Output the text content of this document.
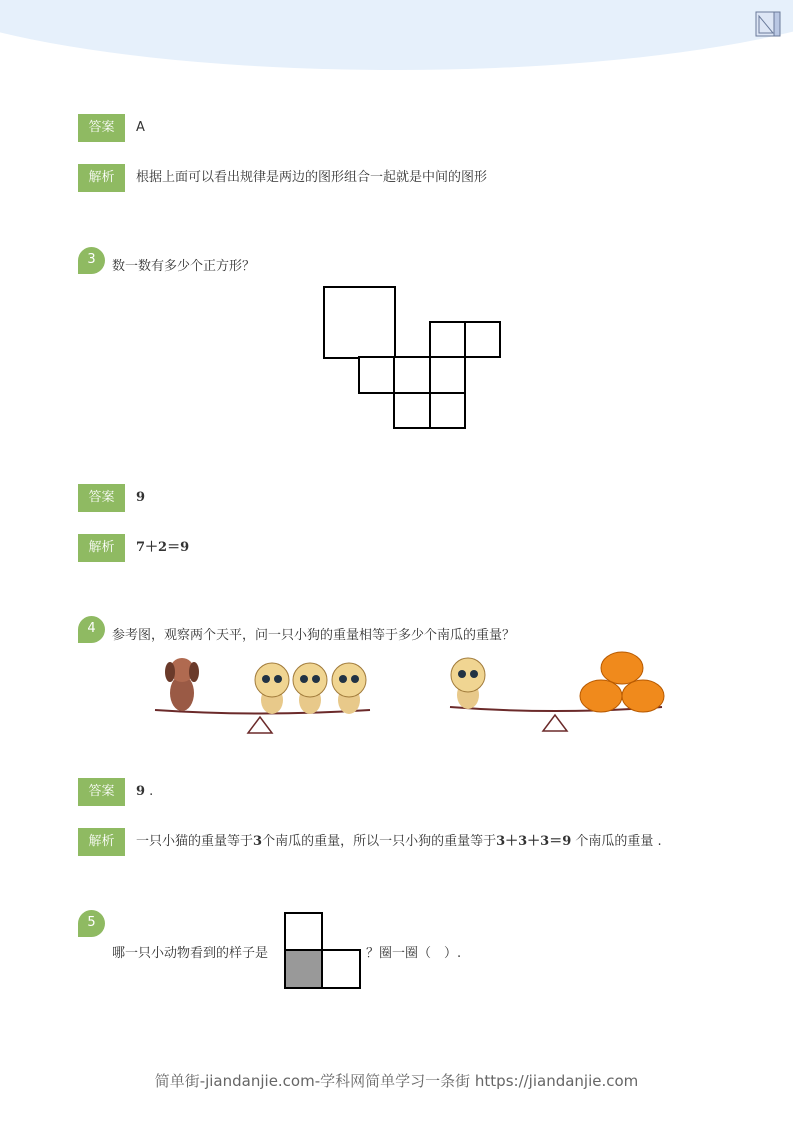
答案	A
解析	根据上面可以看出规律是两边的图形组合一起就是中间的图形
3	数一数有多少个正方形？
答案	9
解析	7＋2＝9
4	参考图，观察两个天平，问一只小狗的重量相等于多少个南瓜的重量？
答案	9 .
解析	一只小猫的重量等于3个南瓜的重量，所以一只小狗的重量等于3＋3＋3＝9 个南瓜的重量 .
5
哪一只小动物看到的样子是	？圈一圈（　）.
简单街-jiandanjie.com-学科网简单学习一条街 https://jiandanjie.com
